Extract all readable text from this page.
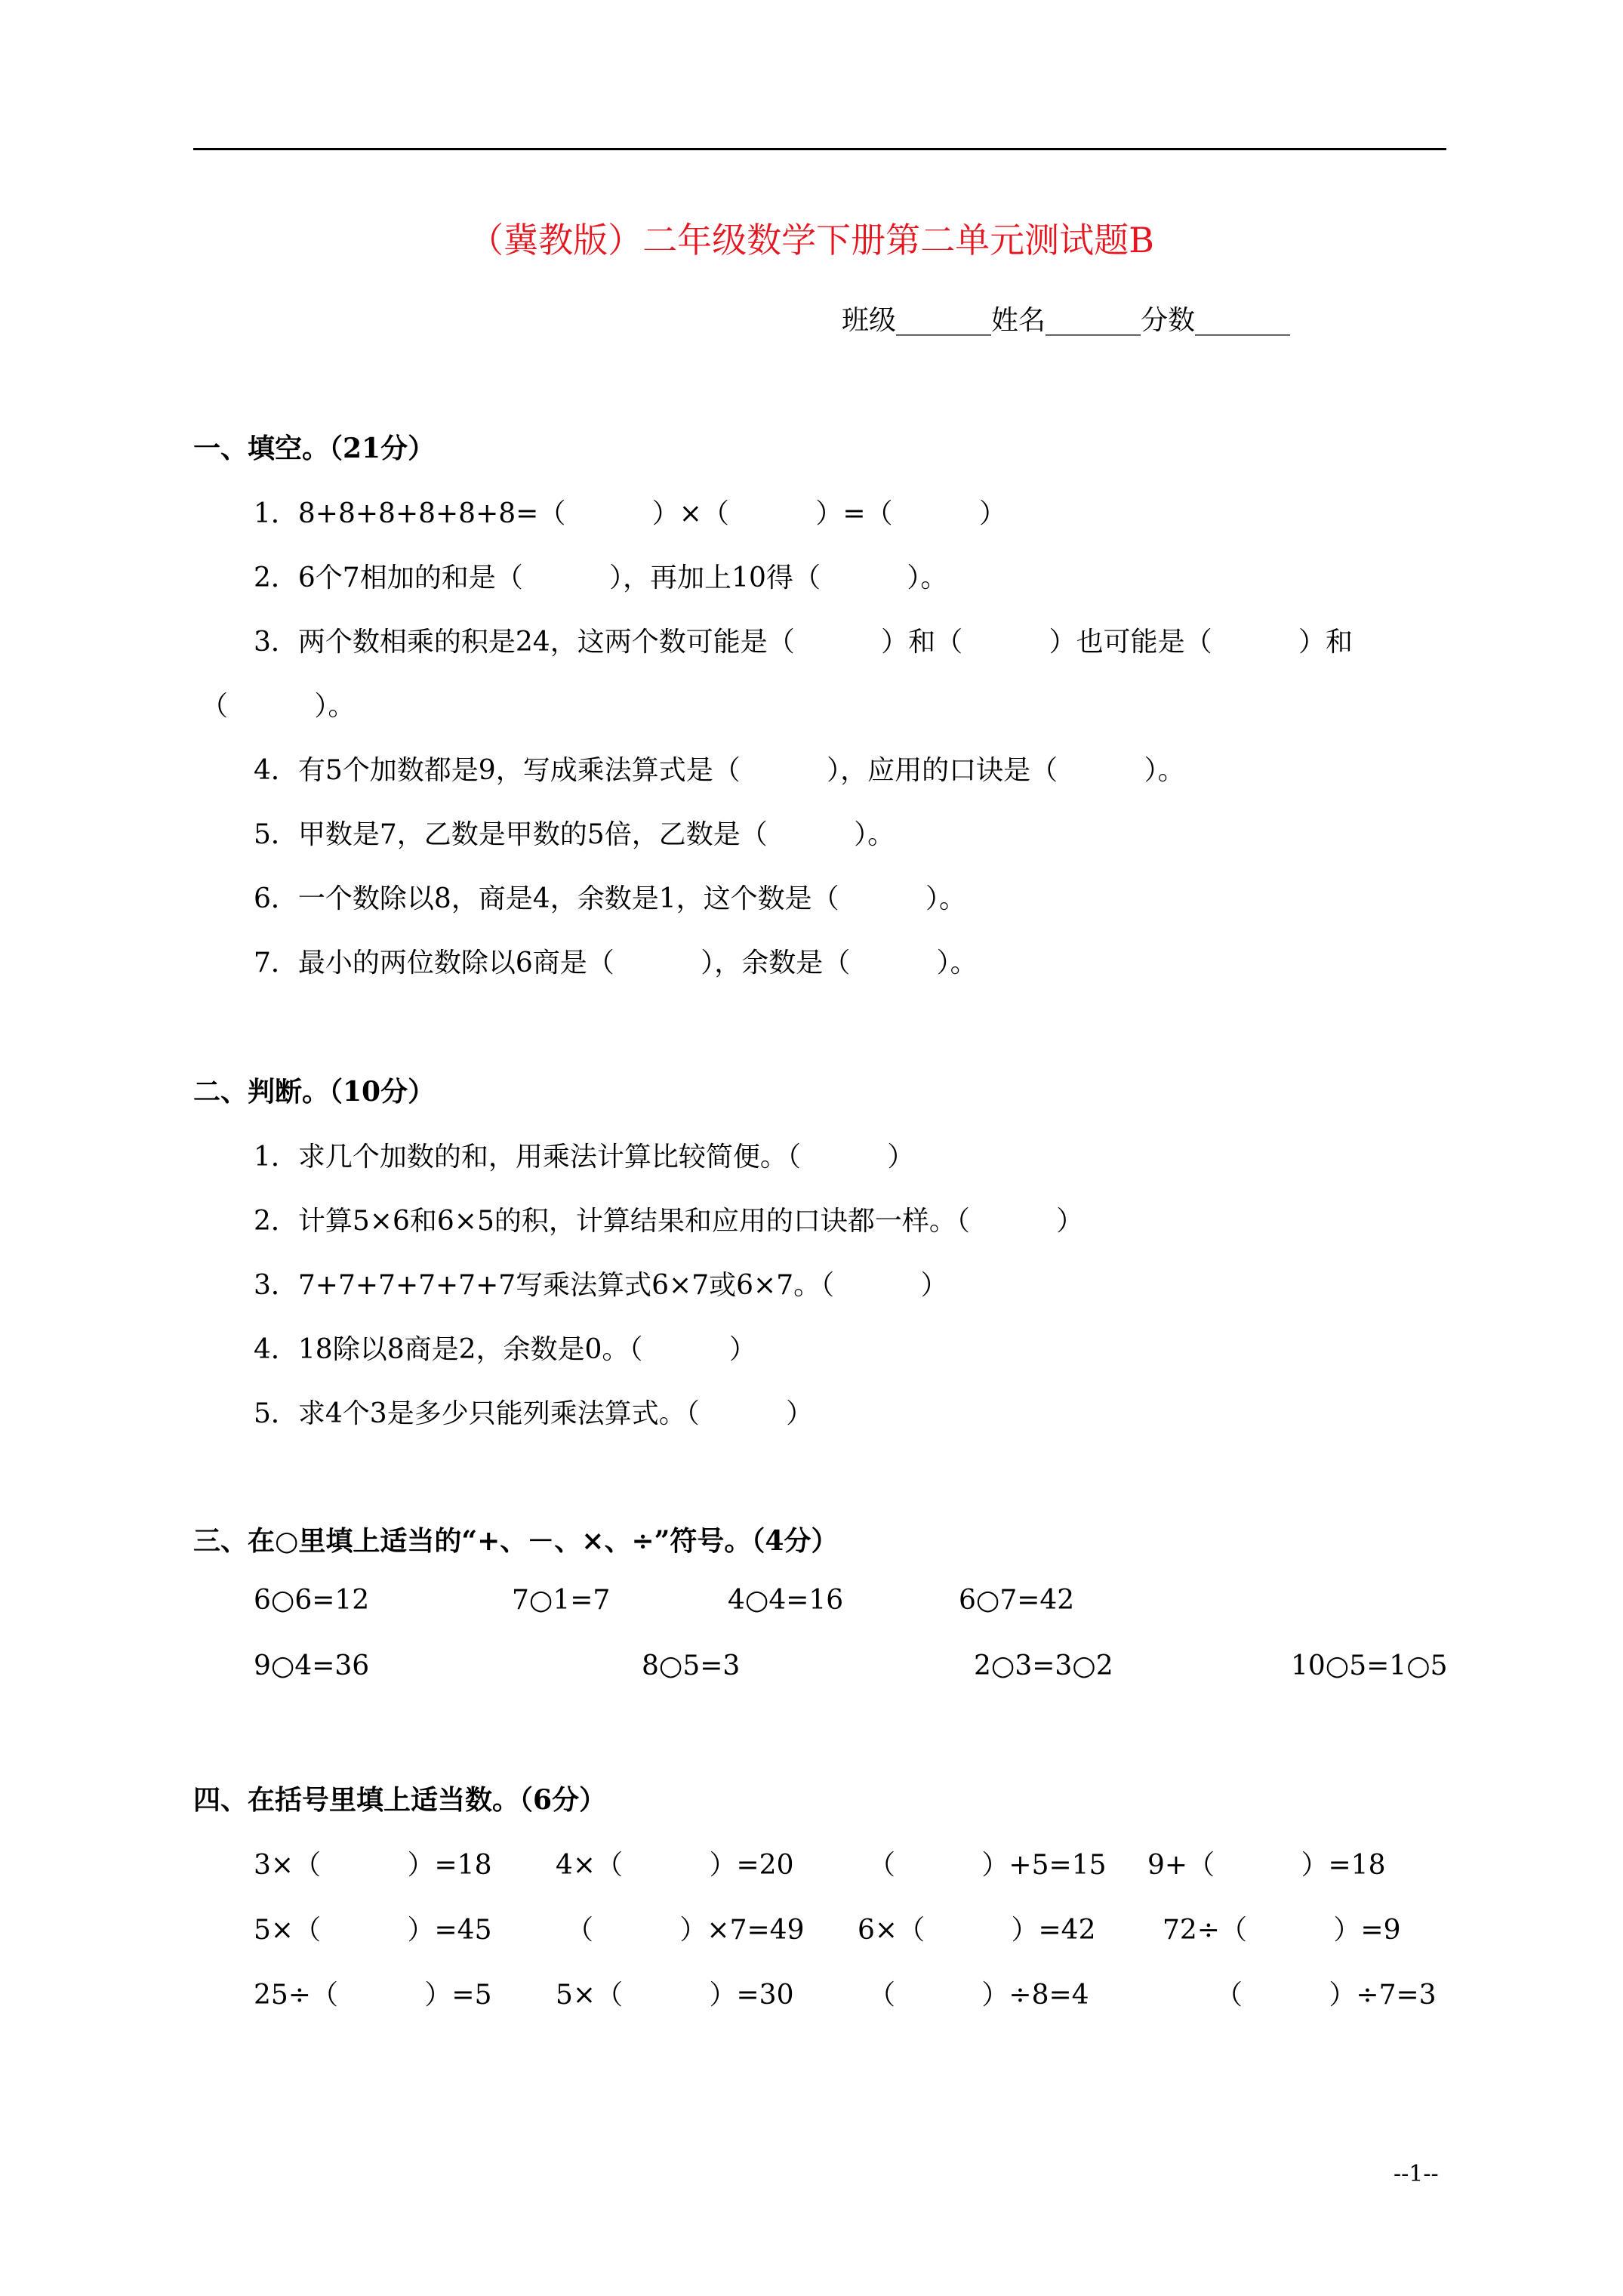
（冀教版）二年级数学下册第二单元测试题B
班级_______姓名_______分数_______
一、填空。（21分）
1．8+8+8+8+8+8=（          ）×（          ）=（          ）
2．6个7相加的和是（          ），再加上10得（          ）。
3．两个数相乘的积是24，这两个数可能是（          ）和（          ）也可能是（          ）和
（          ）。
4．有5个加数都是9，写成乘法算式是（          ），应用的口诀是（          ）。
5．甲数是7，乙数是甲数的5倍，乙数是（          ）。
6．一个数除以8，商是4，余数是1，这个数是（          ）。
7．最小的两位数除以6商是（          ），余数是（          ）。
二、判断。（10分）
1．求几个加数的和，用乘法计算比较简便。（          ）
2．计算5×6和6×5的积，计算结果和应用的口诀都一样。（          ）
3．7+7+7+7+7+7写乘法算式6×7或6×7。（          ）
4．18除以8商是2，余数是0。（          ）
5．求4个3是多少只能列乘法算式。（          ）
三、在○里填上适当的“+、－、×、÷”符号。（4分）
6○6=12	7○1=7	4○4=16	6○7=42
9○4=36	8○5=3	2○3=3○2	10○5=1○5
四、在括号里填上适当数。（6分）
3×（          ）=18 4×（          ）=20	（          ）+5=15 9+（          ）=18
5×（          ）=45	（          ）×7=49 6×（          ）=42 72÷（          ）=9
25÷（          ）=5 5×（          ）=30	（          ）÷8=4	（          ）÷7=3
--1--
